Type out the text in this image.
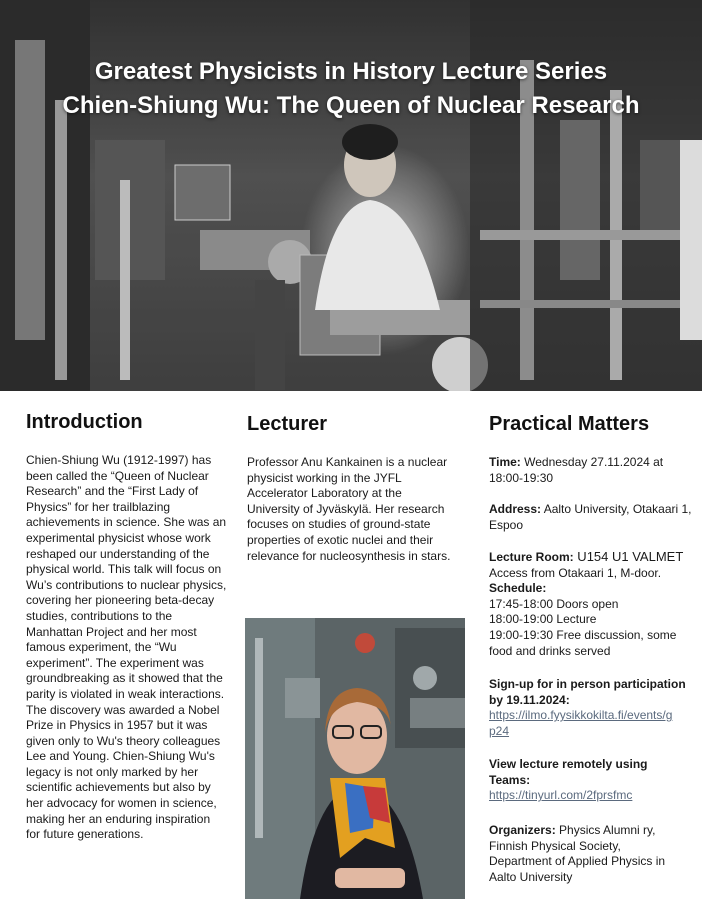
Greatest Physicists in History Lecture Series
Chien-Shiung Wu: The Queen of Nuclear Research
Introduction
Chien-Shiung Wu (1912-1997) has
been called the “Queen of Nuclear
Research” and the “First Lady of
Physics” for her trailblazing
achievements in science. She was an
experimental physicist whose work
reshaped our understanding of the
physical world. This talk will focus on
Wu’s contributions to nuclear physics,
covering her pioneering beta-decay
studies, contributions to the
Manhattan Project and her most
famous experiment, the “Wu
experiment”. The experiment was
groundbreaking as it showed that the
parity is violated in weak interactions.
The discovery was awarded a Nobel
Prize in Physics in 1957 but it was
given only to Wu's theory colleagues
Lee and Young. Chien-Shiung Wu's
legacy is not only marked by her
scientific achievements but also by
her advocacy for women in science,
making her an enduring inspiration
for future generations.
Lecturer
Professor Anu Kankainen is a nuclear
physicist working in the JYFL
Accelerator Laboratory at the
University of Jyväskylä. Her research
focuses on studies of ground-state
properties of exotic nuclei and their
relevance for nucleosynthesis in stars.
Practical Matters
Time: Wednesday 27.11.2024 at
18:00-19:30
Address: Aalto University, Otakaari 1,
Espoo
Lecture Room: U154 U1 VALMET
Access from Otakaari 1, M-door.
Schedule:
17:45-18:00 Doors open
18:00-19:00 Lecture
19:00-19:30 Free discussion, some
food and drinks served
Sign-up for in person participation
by 19.11.2024:
https://ilmo.fyysikkokilta.fi/events/g
p24
View lecture remotely using
Teams:
https://tinyurl.com/2fprsfmc
Organizers: Physics Alumni ry,
Finnish Physical Society,
Department of Applied Physics in
Aalto University
